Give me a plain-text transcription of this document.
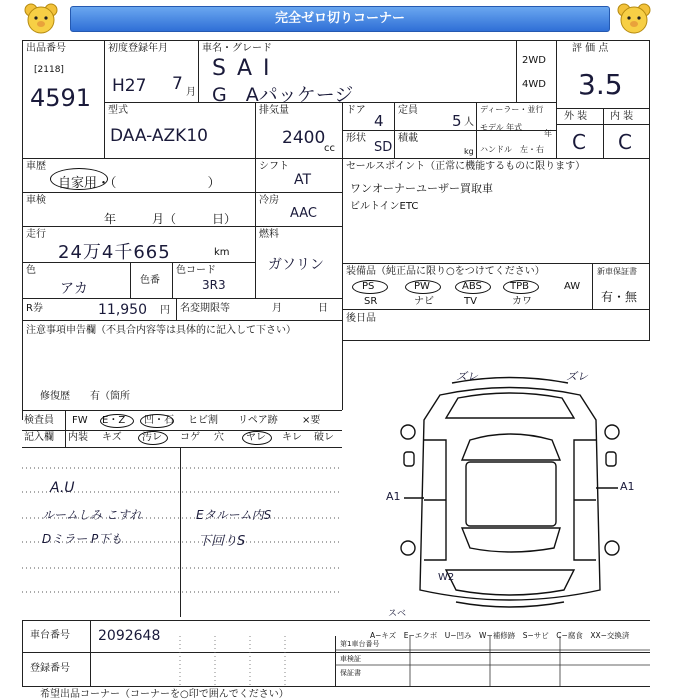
完全ゼロ切りコーナー
出品番号
[2118]
4591
初度登録年月
H27 7 月
車名・グレード
S A I
G　Aパッケージ
2WD
4WD
評 価 点
3.5
型式
DAA-AZK10
排気量
2400
cc
ドア
4
形状
SD
定員
5 人
積載
kg
ディーラー・並行
モデル 年式
年
ハンドル 左・右
外 装 内 装
C C
車歴
自家用・（　　　　　　　）
シフト
AT
セールスポイント（正常に機能するものに限ります）
ワンオーナーユーザー買取車
ビルトインETC
車検
年　　　月（　　　日）
冷房
AAC
走行
24万4千665	km
燃料
ガソリン
色
アカ
色番
色コード
3R3
装備品（純正品に限り○をつけてください）	新車保証書
有・無
PS	PW	ABS	TPB	AW
SR	ナビ	TV	カワ
R券	11,950 円 名変期限等	月	日
後日品
注意事項申告欄（不具合内容等は具体的に記入して下さい）
修復歴　　有（箇所
検査員
記入欄
FW E・Z 凹・石 ヒビ割 リペア跡 ×要
内装 キズ 汚レ コゲ 穴 ヤレ キレ 破レ
A.U
ルームしみ こすれ
Dミラー P下も
Eタルーム内S
下回りS
ズレ	ズレ
A1
A1
W2
スベ
A−キズ　E−エクボ　U−凹み　W−補修跡　S−サビ　C−腐食　XX−交換済
車台番号 2092648
登録番号
第1車台番号
車検証
保証書
希望出品コーナー（コーナーを○印で囲んでください）
